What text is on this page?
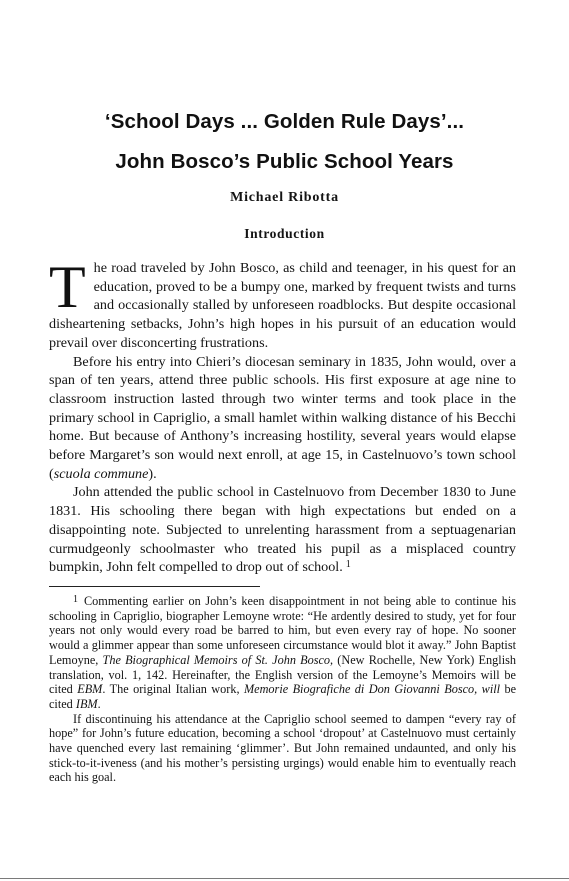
‘School Days ... Golden Rule Days’...
John Bosco’s Public School Years
Michael Ribotta
Introduction

The road traveled by John Bosco, as child and teenager, in his quest for an education, proved to be a bumpy one, marked by frequent twists and turns and occasionally stalled by unforeseen roadblocks. But despite occasional disheartening setbacks, John’s high hopes in his pursuit of an education would prevail over disconcerting frustrations.

Before his entry into Chieri’s diocesan seminary in 1835, John would, over a span of ten years, attend three public schools. His first exposure at age nine to classroom instruction lasted through two winter terms and took place in the primary school in Capriglio, a small hamlet within walking distance of his Becchi home. But because of Anthony’s increasing hostility, several years would elapse before Margaret’s son would next enroll, at age 15, in Castelnuovo’s town school (scuola commune).

John attended the public school in Castelnuovo from December 1830 to June 1831. His schooling there began with high expectations but ended on a disappointing note. Subjected to unrelenting harassment from a septuagenarian curmudgeonly schoolmaster who treated his pupil as a misplaced country bumpkin, John felt compelled to drop out of school. $^1$

$^1$ Commenting earlier on John’s keen disappointment in not being able to continue his schooling in Capriglio, biographer Lemoyne wrote: “He ardently desired to study, yet for four years not only would every road be barred to him, but even every ray of hope. No sooner would a glimmer appear than some unforeseen circumstance would blot it away.” John Baptist Lemoyne, The Biographical Memoirs of St. John Bosco, (New Rochelle, New York) English translation, vol. 1, 142. Hereinafter, the English version of the Lemoyne’s Memoirs will be cited EBM. The original Italian work, Memorie Biografiche di Don Giovanni Bosco, will be cited IBM.

If discontinuing his attendance at the Capriglio school seemed to dampen “every ray of hope” for John’s future education, becoming a school ‘dropout’ at Castelnuovo must certainly have quenched every last remaining ‘glimmer’. But John remained undaunted, and only his stick-to-it-iveness (and his mother’s persisting urgings) would enable him to eventually reach each his goal.
